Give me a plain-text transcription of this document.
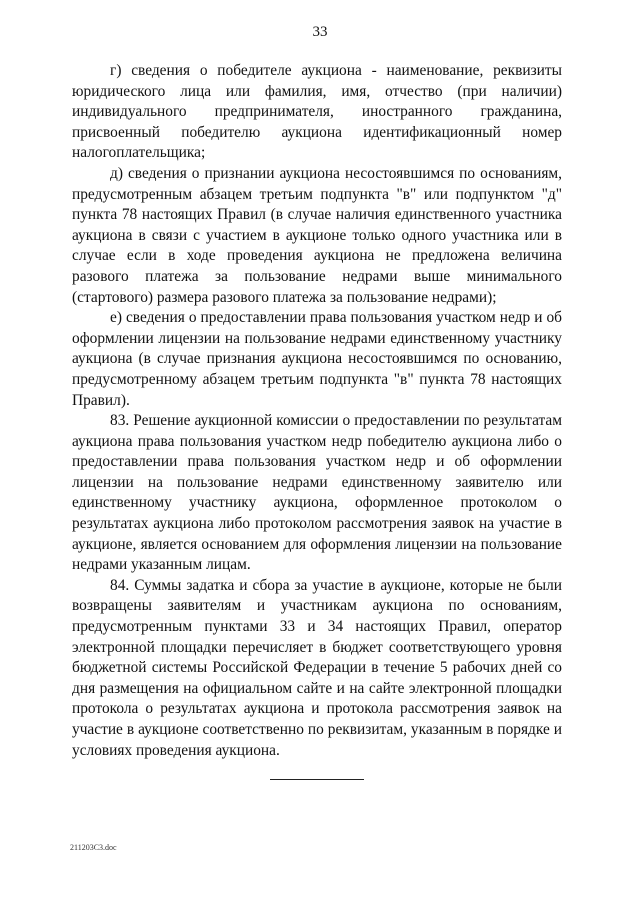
33

г) сведения о победителе аукциона - наименование, реквизиты юридического лица или фамилия, имя, отчество (при наличии) индивидуального предпринимателя, иностранного гражданина, присвоенный победителю аукциона идентификационный номер налогоплательщика;

д) сведения о признании аукциона несостоявшимся по основаниям, предусмотренным абзацем третьим подпункта "в" или подпунктом "д" пункта 78 настоящих Правил (в случае наличия единственного участника аукциона в связи с участием в аукционе только одного участника или в случае если в ходе проведения аукциона не предложена величина разового платежа за пользование недрами выше минимального (стартового) размера разового платежа за пользование недрами);

е) сведения о предоставлении права пользования участком недр и об оформлении лицензии на пользование недрами единственному участнику аукциона (в случае признания аукциона несостоявшимся по основанию, предусмотренному абзацем третьим подпункта "в" пункта 78 настоящих Правил).

83. Решение аукционной комиссии о предоставлении по результатам аукциона права пользования участком недр победителю аукциона либо о предоставлении права пользования участком недр и об оформлении лицензии на пользование недрами единственному заявителю или единственному участнику аукциона, оформленное протоколом о результатах аукциона либо протоколом рассмотрения заявок на участие в аукционе, является основанием для оформления лицензии на пользование недрами указанным лицам.

84. Суммы задатка и сбора за участие в аукционе, которые не были возвращены заявителям и участникам аукциона по основаниям, предусмотренным пунктами 33 и 34 настоящих Правил, оператор электронной площадки перечисляет в бюджет соответствующего уровня бюджетной системы Российской Федерации в течение 5 рабочих дней со дня размещения на официальном сайте и на сайте электронной площадки протокола о результатах аукциона и протокола рассмотрения заявок на участие в аукционе соответственно по реквизитам, указанным в порядке и условиях проведения аукциона.

211203C3.doc
